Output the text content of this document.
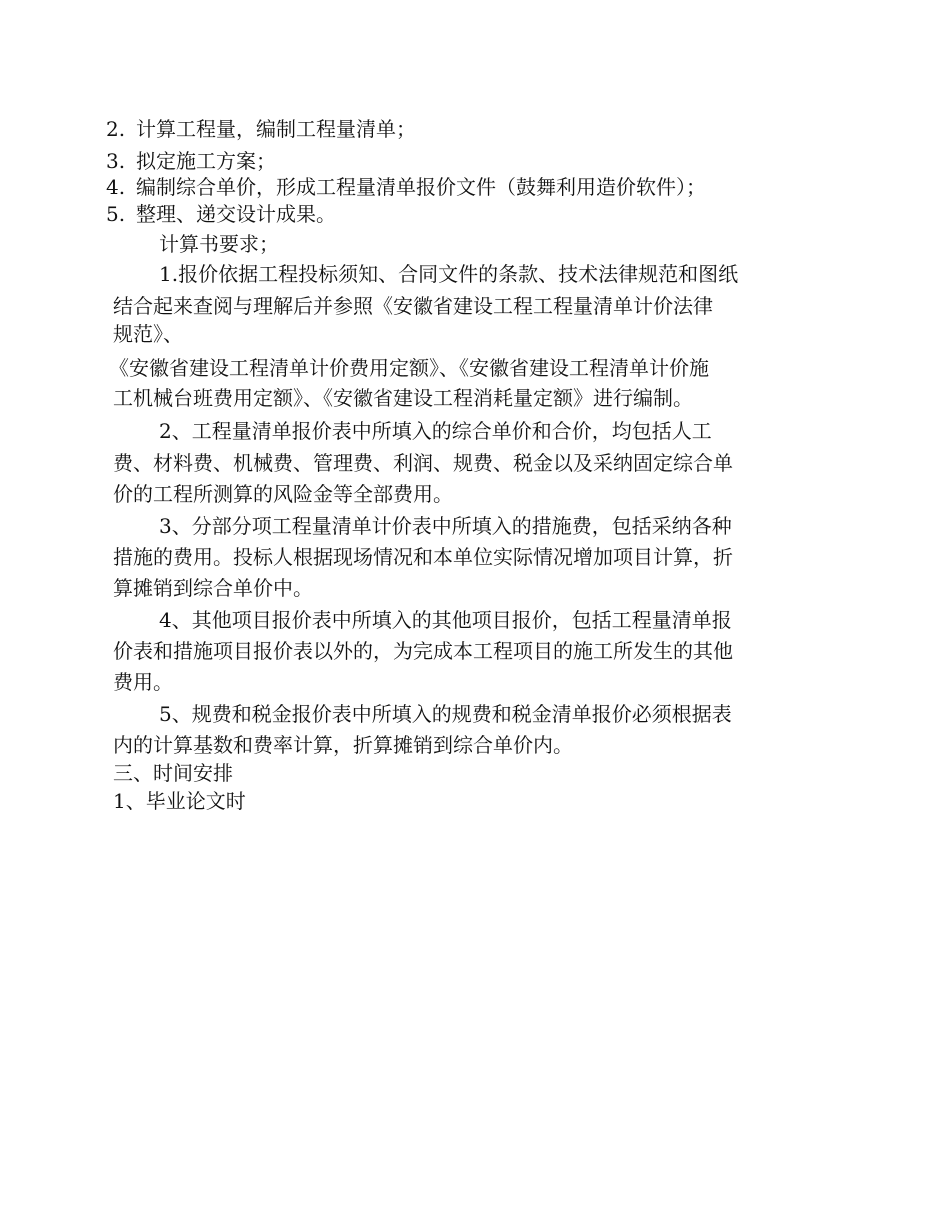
2. 计算工程量，编制工程量清单；
3. 拟定施工方案；
4. 编制综合单价，形成工程量清单报价文件（鼓舞利用造价软件）；
5. 整理、递交设计成果。
计算书要求；
1.报价依据工程投标须知、合同文件的条款、技术法律规范和图纸
结合起来查阅与理解后并参照《安徽省建设工程工程量清单计价法律
规范》、
《安徽省建设工程清单计价费用定额》、《安徽省建设工程清单计价施
工机械台班费用定额》、《安徽省建设工程消耗量定额》进行编制。
2、工程量清单报价表中所填入的综合单价和合价，均包括人工
费、材料费、机械费、管理费、利润、规费、税金以及采纳固定综合单
价的工程所测算的风险金等全部费用。
3、分部分项工程量清单计价表中所填入的措施费，包括采纳各种
措施的费用。投标人根据现场情况和本单位实际情况增加项目计算，折
算摊销到综合单价中。
4、其他项目报价表中所填入的其他项目报价，包括工程量清单报
价表和措施项目报价表以外的，为完成本工程项目的施工所发生的其他
费用。
5、规费和税金报价表中所填入的规费和税金清单报价必须根据表
内的计算基数和费率计算，折算摊销到综合单价内。
三、时间安排
1、毕业论文时
